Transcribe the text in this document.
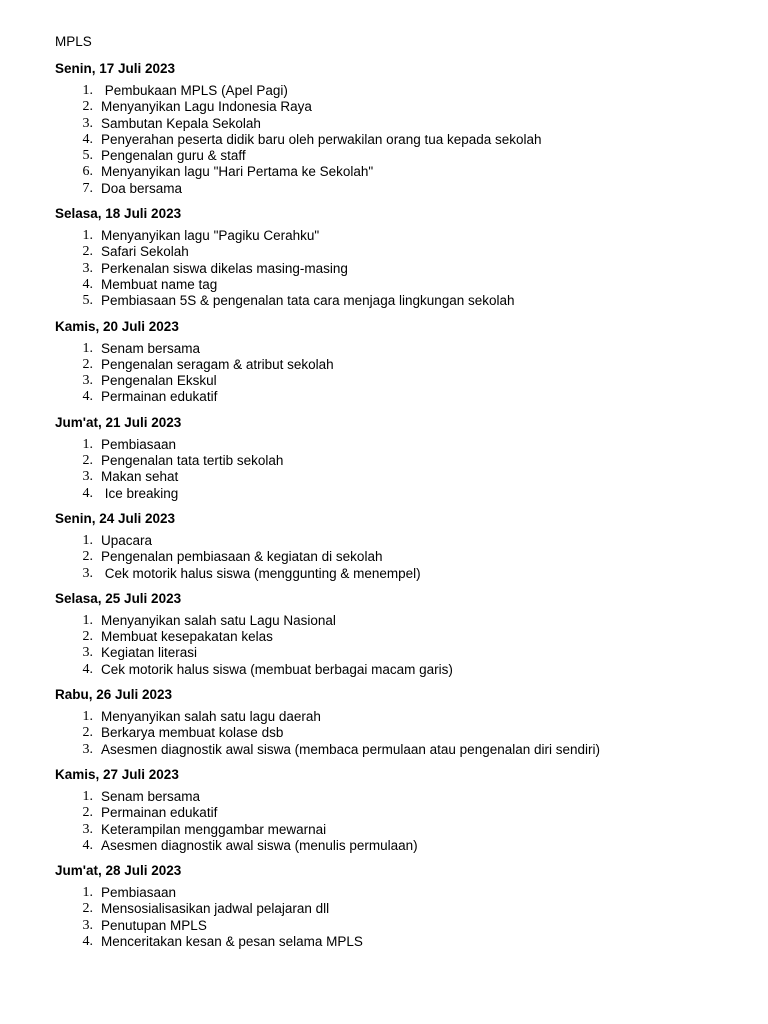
MPLS

Senin, 17 Juli 2023

1. Pembukaan MPLS (Apel Pagi)
2. Menyanyikan Lagu Indonesia Raya
3. Sambutan Kepala Sekolah
4. Penyerahan peserta didik baru oleh perwakilan orang tua kepada sekolah
5. Pengenalan guru & staff
6. Menyanyikan lagu "Hari Pertama ke Sekolah"
7. Doa bersama

Selasa, 18 Juli 2023

1. Menyanyikan lagu "Pagiku Cerahku"
2. Safari Sekolah
3. Perkenalan siswa dikelas masing-masing
4. Membuat name tag
5. Pembiasaan 5S & pengenalan tata cara menjaga lingkungan sekolah

Kamis, 20 Juli 2023

1. Senam bersama
2. Pengenalan seragam & atribut sekolah
3. Pengenalan Ekskul
4. Permainan edukatif

Jum'at, 21 Juli 2023

1. Pembiasaan
2. Pengenalan tata tertib sekolah
3. Makan sehat
4. Ice breaking

Senin, 24 Juli 2023

1. Upacara
2. Pengenalan pembiasaan & kegiatan di sekolah
3. Cek motorik halus siswa (menggunting & menempel)

Selasa, 25 Juli 2023

1. Menyanyikan salah satu Lagu Nasional
2. Membuat kesepakatan kelas
3. Kegiatan literasi
4. Cek motorik halus siswa (membuat berbagai macam garis)

Rabu, 26 Juli 2023

1. Menyanyikan salah satu lagu daerah
2. Berkarya membuat kolase dsb
3. Asesmen diagnostik awal siswa (membaca permulaan atau pengenalan diri sendiri)

Kamis, 27 Juli 2023

1. Senam bersama
2. Permainan edukatif
3. Keterampilan menggambar mewarnai
4. Asesmen diagnostik awal siswa (menulis permulaan)

Jum'at, 28 Juli 2023

1. Pembiasaan
2. Mensosialisasikan jadwal pelajaran dll
3. Penutupan MPLS
4. Menceritakan kesan & pesan selama MPLS
